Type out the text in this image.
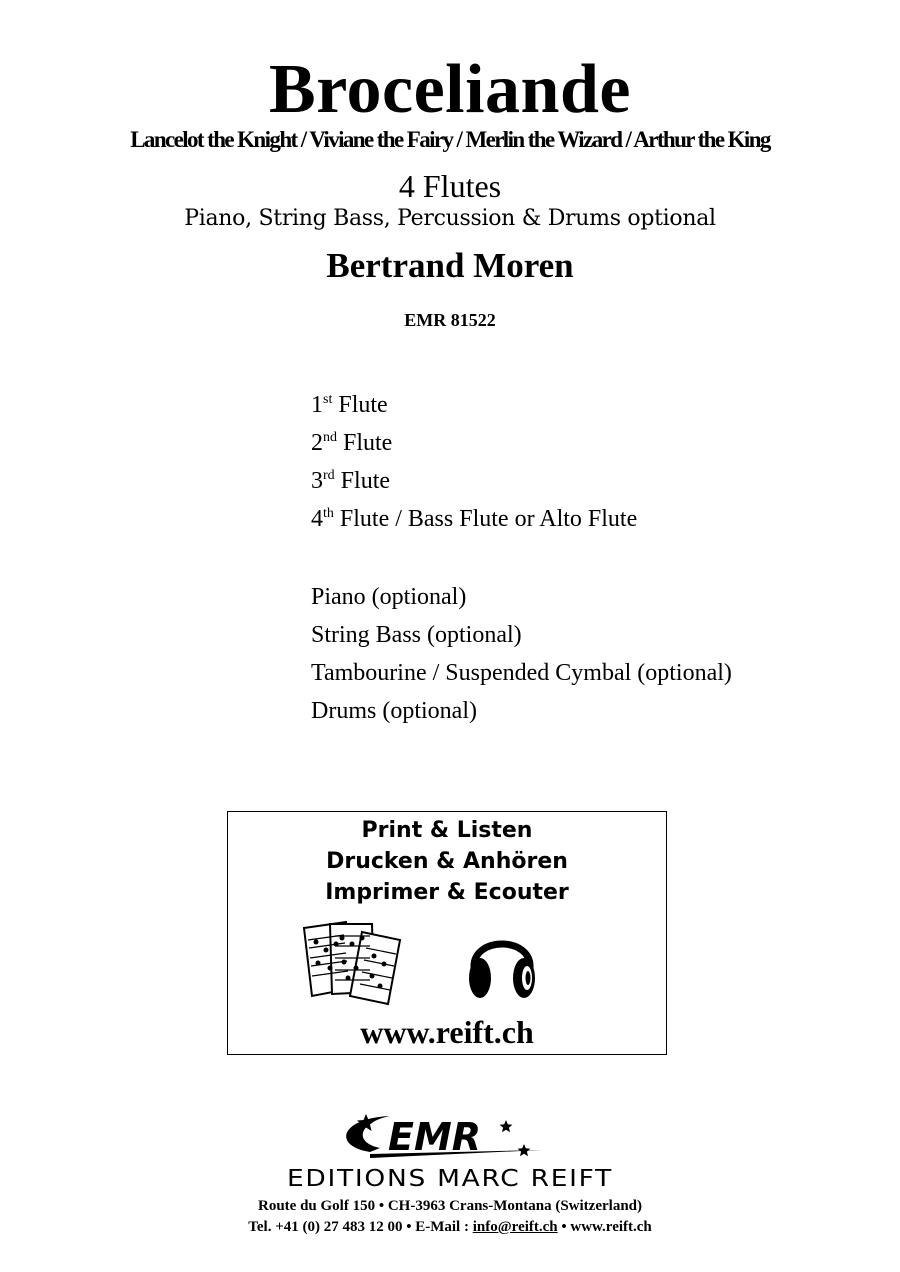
Broceliande
Lancelot the Knight / Viviane the Fairy / Merlin the Wizard / Arthur the King
4 Flutes
Piano, String Bass, Percussion & Drums optional
Bertrand Moren
EMR 81522
1st Flute
2nd Flute
3rd Flute
4th Flute / Bass Flute or Alto Flute
Piano (optional)
String Bass (optional)
Tambourine / Suspended Cymbal (optional)
Drums (optional)
Print & Listen
Drucken & Anhören
Imprimer & Ecouter
www.reift.ch
EMR
EDITIONS MARC REIFT
Route du Golf 150 • CH-3963 Crans-Montana (Switzerland)
Tel. +41 (0) 27 483 12 00 • E-Mail : info@reift.ch • www.reift.ch
